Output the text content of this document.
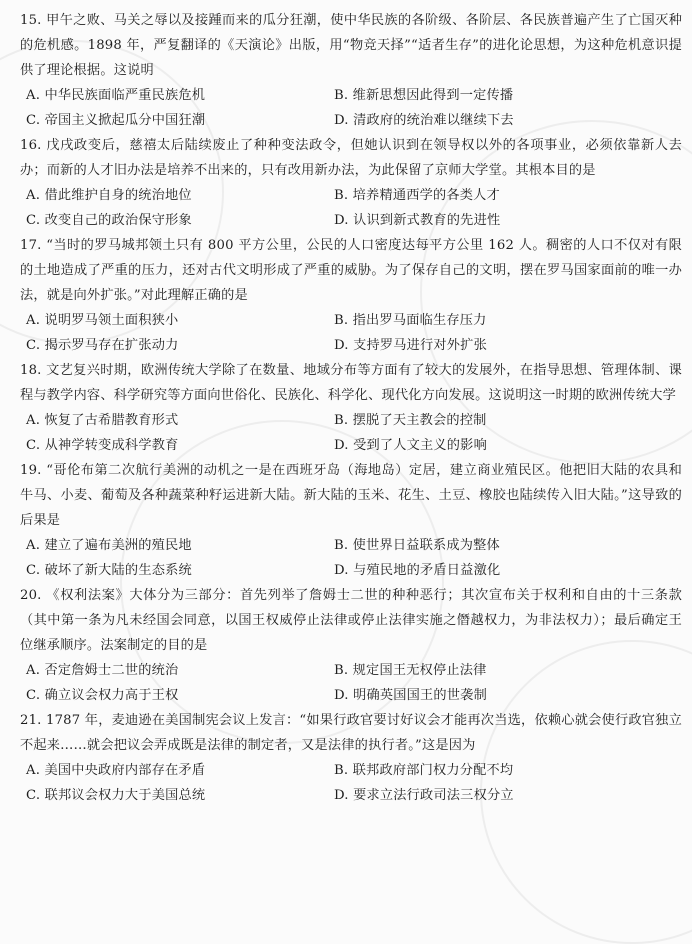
15. 甲午之败、马关之辱以及接踵而来的瓜分狂潮，使中华民族的各阶级、各阶层、各民族普遍产生了亡国灭种的危机感。1898 年，严复翻译的《天演论》出版，用“物竞天择”“适者生存”的进化论思想，为这种危机意识提供了理论根据。这说明

A. 中华民族面临严重民族危机	B. 维新思想因此得到一定传播
C. 帝国主义掀起瓜分中国狂潮	D. 清政府的统治难以继续下去

16. 戊戌政变后，慈禧太后陆续废止了种种变法政令，但她认识到在领导权以外的各项事业，必须依靠新人去办；而新的人才旧办法是培养不出来的，只有改用新办法，为此保留了京师大学堂。其根本目的是

A. 借此维护自身的统治地位	B. 培养精通西学的各类人才
C. 改变自己的政治保守形象	D. 认识到新式教育的先进性

17. “当时的罗马城邦领土只有 800 平方公里，公民的人口密度达每平方公里 162 人。稠密的人口不仅对有限的土地造成了严重的压力，还对古代文明形成了严重的威胁。为了保存自己的文明，摆在罗马国家面前的唯一办法，就是向外扩张。”对此理解正确的是

A. 说明罗马领土面积狭小	B. 指出罗马面临生存压力
C. 揭示罗马存在扩张动力	D. 支持罗马进行对外扩张

18. 文艺复兴时期，欧洲传统大学除了在数量、地域分布等方面有了较大的发展外，在指导思想、管理体制、课程与教学内容、科学研究等方面向世俗化、民族化、科学化、现代化方向发展。这说明这一时期的欧洲传统大学

A. 恢复了古希腊教育形式	B. 摆脱了天主教会的控制
C. 从神学转变成科学教育	D. 受到了人文主义的影响

19. “哥伦布第二次航行美洲的动机之一是在西班牙岛（海地岛）定居，建立商业殖民区。他把旧大陆的农具和牛马、小麦、葡萄及各种蔬菜种籽运进新大陆。新大陆的玉米、花生、土豆、橡胶也陆续传入旧大陆。”这导致的后果是

A. 建立了遍布美洲的殖民地	B. 使世界日益联系成为整体
C. 破坏了新大陆的生态系统	D. 与殖民地的矛盾日益激化

20. 《权利法案》大体分为三部分：首先列举了詹姆士二世的种种恶行；其次宣布关于权利和自由的十三条款（其中第一条为凡未经国会同意，以国王权威停止法律或停止法律实施之僭越权力，为非法权力）；最后确定王位继承顺序。法案制定的目的是

A. 否定詹姆士二世的统治	B. 规定国王无权停止法律
C. 确立议会权力高于王权	D. 明确英国国王的世袭制

21. 1787 年，麦迪逊在美国制宪会议上发言：“如果行政官要讨好议会才能再次当选，依赖心就会使行政官独立不起来……就会把议会弄成既是法律的制定者，又是法律的执行者。”这是因为

A. 美国中央政府内部存在矛盾	B. 联邦政府部门权力分配不均
C. 联邦议会权力大于美国总统	D. 要求立法行政司法三权分立
